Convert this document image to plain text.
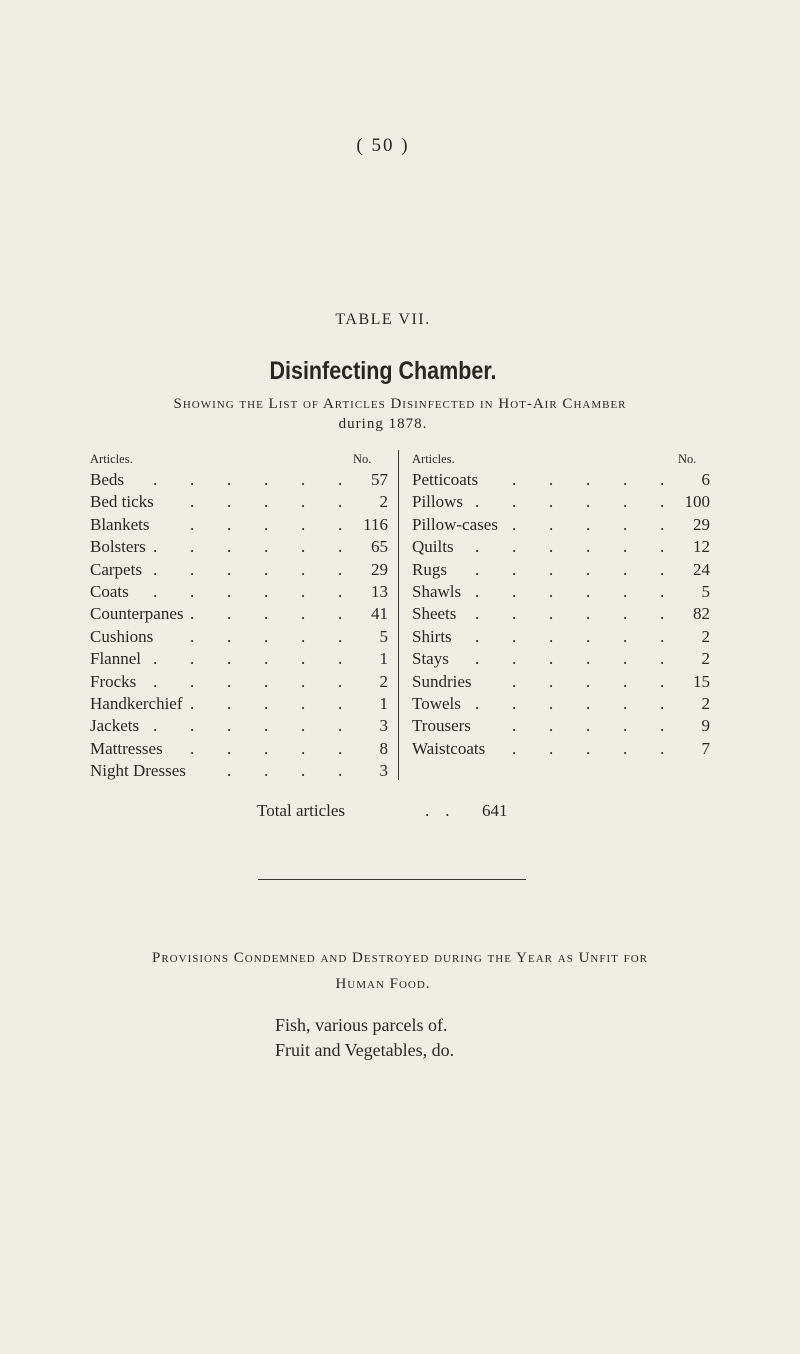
( 50 )
TABLE VII.
Disinfecting Chamber.
Showing the List of Articles Disinfected in Hot-Air Chamber
during 1878.
Articles.	No.	Articles.	No.
Beds	57
. . . . . .
Bed ticks	2
. . . . .
Blankets	116
. . . . .
Bolsters	65
. . . . . .
Carpets	29
. . . . . .
Coats	13
. . . . . .
Counterpanes	41
. . . . .
Cushions	5
. . . . .
Flannel	1
. . . . . .
Frocks	2
. . . . . .
Handkerchief	1
. . . . .
Jackets	3
. . . . . .
Mattresses	8
. . . . .
Night Dresses	3
. . . .
Petticoats	6
. . . . .
Pillows	100
. . . . . .
Pillow-cases	29
. . . . .
Quilts	12
. . . . . .
Rugs	24
. . . . . .
Shawls	5
. . . . . .
Sheets	82
. . . . . .
Shirts	2
. . . . . .
Stays	2
. . . . . .
Sundries	15
. . . . .
Towels	2
. . . . . .
Trousers	9
. . . . .
Waistcoats	7
. . . . .
Total articles	.. 641
Provisions Condemned and Destroyed during the Year as Unfit for
Human Food.
Fish, various parcels of.
Fruit and Vegetables, do.
